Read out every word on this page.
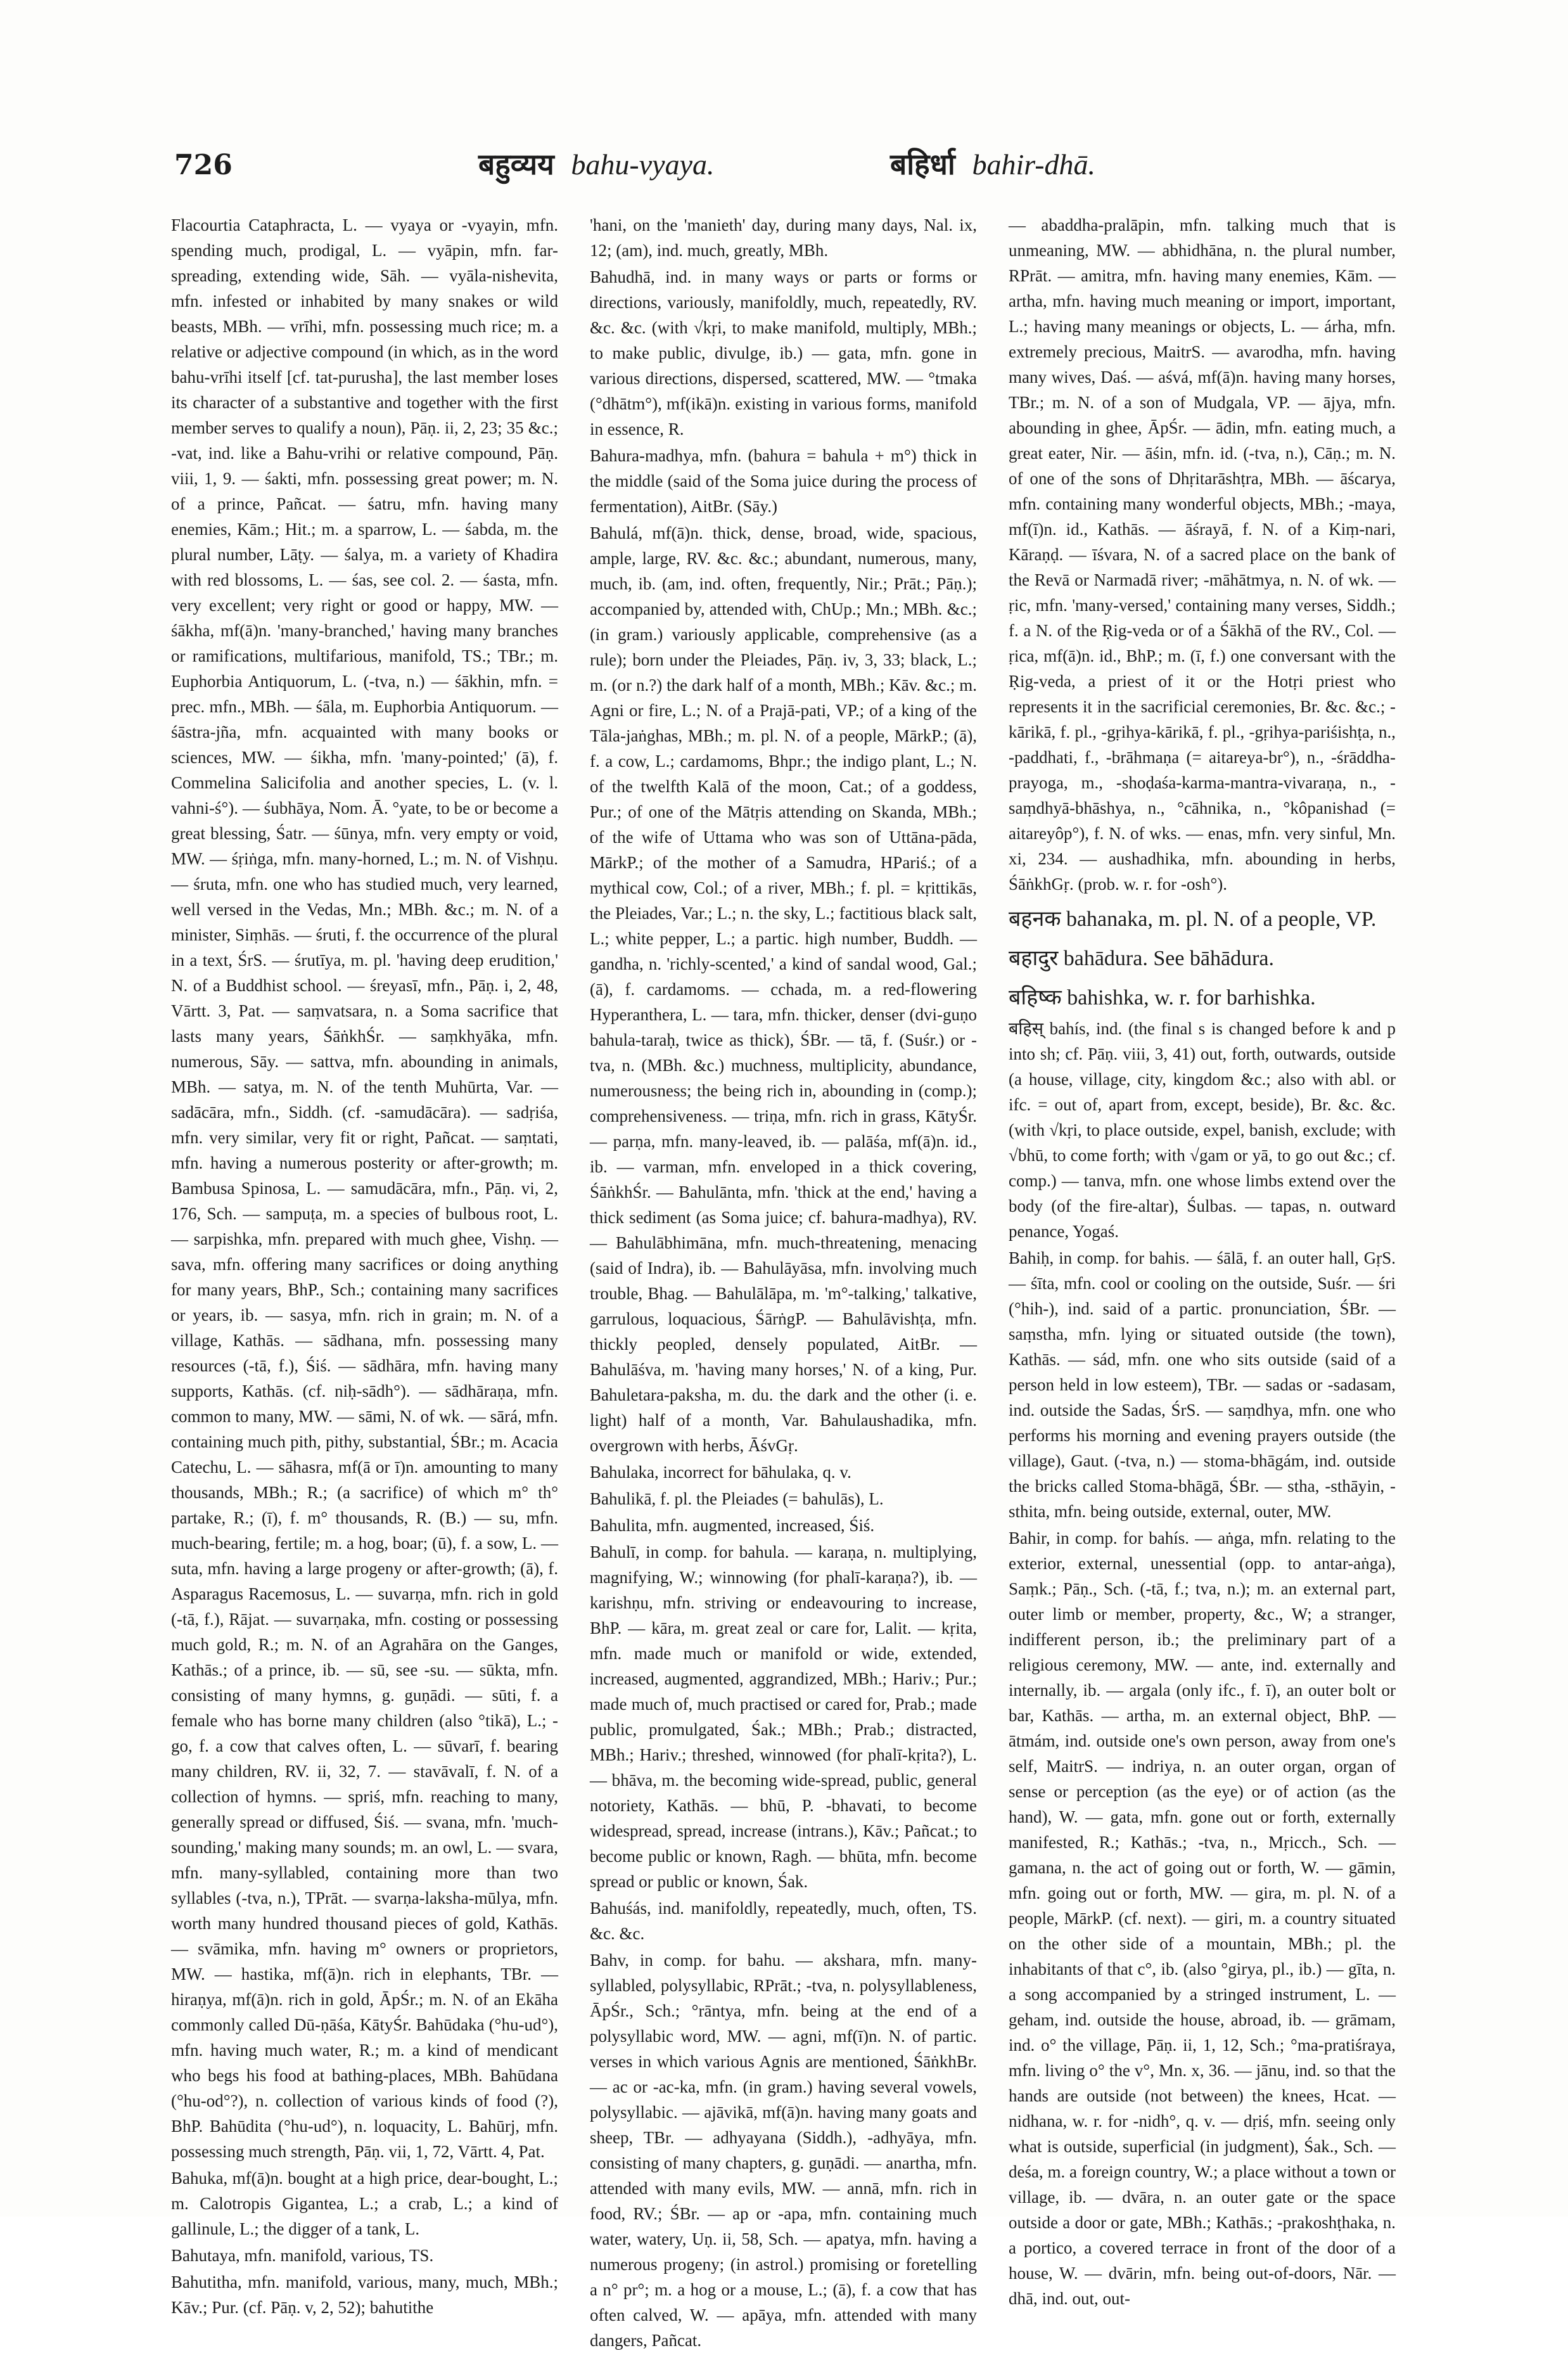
726	बहुव्यय bahu-vyaya.	बहिर्धा bahir-dhā.

Flacourtia Cataphracta, L. — vyaya or -vyayin, mfn. spending much, prodigal, L. — vyāpin, mfn. far-spreading, extending wide, Sāh. — vyāla-nishevita, mfn. infested or inhabited by many snakes or wild beasts, MBh. — vrīhi, mfn. possessing much rice; m. a relative or adjective compound (in which, as in the word bahu-vrīhi itself [cf. tat-purusha], the last member loses its character of a substantive and together with the first member serves to qualify a noun), Pāṇ. ii, 2, 23; 35 &c.; -vat, ind. like a Bahu-vrihi or relative compound, Pāṇ. viii, 1, 9. — śakti, mfn. possessing great power; m. N. of a prince, Pañcat. — śatru, mfn. having many enemies, Kām.; Hit.; m. a sparrow, L. — śabda, m. the plural number, Lāṭy. — śalya, m. a variety of Khadira with red blossoms, L. — śas, see col. 2. — śasta, mfn. very excellent; very right or good or happy, MW. — śākha, mf(ā)n. 'many-branched,' having many branches or ramifications, multifarious, manifold, TS.; TBr.; m. Euphorbia Antiquorum, L. (-tva, n.) — śākhin, mfn. = prec. mfn., MBh. — śāla, m. Euphorbia Antiquorum. — śāstra-jña, mfn. acquainted with many books or sciences, MW. — śikha, mfn. 'many-pointed;' (ā), f. Commelina Salicifolia and another species, L. (v. l. vahni-ś°). — śubhāya, Nom. Ā. °yate, to be or become a great blessing, Śatr. — śūnya, mfn. very empty or void, MW. — śṛiṅga, mfn. many-horned, L.; m. N. of Vishṇu. — śruta, mfn. one who has studied much, very learned, well versed in the Vedas, Mn.; MBh. &c.; m. N. of a minister, Siṃhās. — śruti, f. the occurrence of the plural in a text, ŚrS. — śrutīya, m. pl. 'having deep erudition,' N. of a Buddhist school. — śreyasī, mfn., Pāṇ. i, 2, 48, Vārtt. 3, Pat. — saṃvatsara, n. a Soma sacrifice that lasts many years, ŚāṅkhŚr. — saṃkhyāka, mfn. numerous, Sāy. — sattva, mfn. abounding in animals, MBh. — satya, m. N. of the tenth Muhūrta, Var. — sadācāra, mfn., Siddh. (cf. -samudācāra). — sadṛiśa, mfn. very similar, very fit or right, Pañcat. — saṃtati, mfn. having a numerous posterity or after-growth; m. Bambusa Spinosa, L. — samudācāra, mfn., Pāṇ. vi, 2, 176, Sch. — sampuṭa, m. a species of bulbous root, L. — sarpishka, mfn. prepared with much ghee, Vishṇ. — sava, mfn. offering many sacrifices or doing anything for many years, BhP., Sch.; containing many sacrifices or years, ib. — sasya, mfn. rich in grain; m. N. of a village, Kathās. — sādhana, mfn. possessing many resources (-tā, f.), Śiś. — sādhāra, mfn. having many supports, Kathās. (cf. niḥ-sādh°). — sādhāraṇa, mfn. common to many, MW. — sāmi, N. of wk. — sārá, mfn. containing much pith, pithy, substantial, ŚBr.; m. Acacia Catechu, L. — sāhasra, mf(ā or ī)n. amounting to many thousands, MBh.; R.; (a sacrifice) of which m° th° partake, R.; (ī), f. m° thousands, R. (B.) — su, mfn. much-bearing, fertile; m. a hog, boar; (ū), f. a sow, L. — suta, mfn. having a large progeny or after-growth; (ā), f. Asparagus Racemosus, L. — suvarṇa, mfn. rich in gold (-tā, f.), Rājat. — suvarṇaka, mfn. costing or possessing much gold, R.; m. N. of an Agrahāra on the Ganges, Kathās.; of a prince, ib. — sū, see -su. — sūkta, mfn. consisting of many hymns, g. guṇādi. — sūti, f. a female who has borne many children (also °tikā), L.; -go, f. a cow that calves often, L. — sūvarī, f. bearing many children, RV. ii, 32, 7. — stavāvalī, f. N. of a collection of hymns. — spriś, mfn. reaching to many, generally spread or diffused, Śiś. — svana, mfn. 'much-sounding,' making many sounds; m. an owl, L. — svara, mfn. many-syllabled, containing more than two syllables (-tva, n.), TPrāt. — svarṇa-laksha-mūlya, mfn. worth many hundred thousand pieces of gold, Kathās. — svāmika, mfn. having m° owners or proprietors, MW. — hastika, mf(ā)n. rich in elephants, TBr. — hiraṇya, mf(ā)n. rich in gold, ĀpŚr.; m. N. of an Ekāha commonly called Dū-ṇāśa, KātyŚr. Bahūdaka (°hu-ud°), mfn. having much water, R.; m. a kind of mendicant who begs his food at bathing-places, MBh. Bahūdana (°hu-od°?), n. collection of various kinds of food (?), BhP. Bahūdita (°hu-ud°), n. loquacity, L. Bahūrj, mfn. possessing much strength, Pāṇ. vii, 1, 72, Vārtt. 4, Pat.

Bahuka, mf(ā)n. bought at a high price, dear-bought, L.; m. Calotropis Gigantea, L.; a crab, L.; a kind of gallinule, L.; the digger of a tank, L.

Bahutaya, mfn. manifold, various, TS.

Bahutitha, mfn. manifold, various, many, much, MBh.; Kāv.; Pur. (cf. Pāṇ. v, 2, 52); bahutithe

'hani, on the 'manieth' day, during many days, Nal. ix, 12; (am), ind. much, greatly, MBh.

Bahudhā, ind. in many ways or parts or forms or directions, variously, manifoldly, much, repeatedly, RV. &c. &c. (with √kṛi, to make manifold, multiply, MBh.; to make public, divulge, ib.) — gata, mfn. gone in various directions, dispersed, scattered, MW. — °tmaka (°dhātm°), mf(ikā)n. existing in various forms, manifold in essence, R.

Bahura-madhya, mfn. (bahura = bahula + m°) thick in the middle (said of the Soma juice during the process of fermentation), AitBr. (Sāy.)

Bahulá, mf(ā)n. thick, dense, broad, wide, spacious, ample, large, RV. &c. &c.; abundant, numerous, many, much, ib. (am, ind. often, frequently, Nir.; Prāt.; Pāṇ.); accompanied by, attended with, ChUp.; Mn.; MBh. &c.; (in gram.) variously applicable, comprehensive (as a rule); born under the Pleiades, Pāṇ. iv, 3, 33; black, L.; m. (or n.?) the dark half of a month, MBh.; Kāv. &c.; m. Agni or fire, L.; N. of a Prajā-pati, VP.; of a king of the Tāla-jaṅghas, MBh.; m. pl. N. of a people, MārkP.; (ā), f. a cow, L.; cardamoms, Bhpr.; the indigo plant, L.; N. of the twelfth Kalā of the moon, Cat.; of a goddess, Pur.; of one of the Mātṛis attending on Skanda, MBh.; of the wife of Uttama who was son of Uttāna-pāda, MārkP.; of the mother of a Samudra, HPariś.; of a mythical cow, Col.; of a river, MBh.; f. pl. = kṛittikās, the Pleiades, Var.; L.; n. the sky, L.; factitious black salt, L.; white pepper, L.; a partic. high number, Buddh. — gandha, n. 'richly-scented,' a kind of sandal wood, Gal.; (ā), f. cardamoms. — cchada, m. a red-flowering Hyperanthera, L. — tara, mfn. thicker, denser (dvi-guṇo bahula-taraḥ, twice as thick), ŚBr. — tā, f. (Suśr.) or -tva, n. (MBh. &c.) muchness, multiplicity, abundance, numerousness; the being rich in, abounding in (comp.); comprehensiveness. — triṇa, mfn. rich in grass, KātyŚr. — parṇa, mfn. many-leaved, ib. — palāśa, mf(ā)n. id., ib. — varman, mfn. enveloped in a thick covering, ŚāṅkhŚr. — Bahulānta, mfn. 'thick at the end,' having a thick sediment (as Soma juice; cf. bahura-madhya), RV. — Bahulābhimāna, mfn. much-threatening, menacing (said of Indra), ib. — Bahulāyāsa, mfn. involving much trouble, Bhag. — Bahulālāpa, m. 'm°-talking,' talkative, garrulous, loquacious, ŚārṅgP. — Bahulāvishṭa, mfn. thickly peopled, densely populated, AitBr. — Bahulāśva, m. 'having many horses,' N. of a king, Pur. Bahuletara-paksha, m. du. the dark and the other (i. e. light) half of a month, Var. Bahulaushadika, mfn. overgrown with herbs, ĀśvGṛ.

Bahulaka, incorrect for bāhulaka, q. v.

Bahulikā, f. pl. the Pleiades (= bahulās), L.

Bahulita, mfn. augmented, increased, Śiś.

Bahulī, in comp. for bahula. — karaṇa, n. multiplying, magnifying, W.; winnowing (for phalī-karaṇa?), ib. — karishṇu, mfn. striving or endeavouring to increase, BhP. — kāra, m. great zeal or care for, Lalit. — kṛita, mfn. made much or manifold or wide, extended, increased, augmented, aggrandized, MBh.; Hariv.; Pur.; made much of, much practised or cared for, Prab.; made public, promulgated, Śak.; MBh.; Prab.; distracted, MBh.; Hariv.; threshed, winnowed (for phalī-kṛita?), L. — bhāva, m. the becoming wide-spread, public, general notoriety, Kathās. — bhū, P. -bhavati, to become widespread, spread, increase (intrans.), Kāv.; Pañcat.; to become public or known, Ragh. — bhūta, mfn. become spread or public or known, Śak.

Bahuśás, ind. manifoldly, repeatedly, much, often, TS. &c. &c.

Bahv, in comp. for bahu. — akshara, mfn. many-syllabled, polysyllabic, RPrāt.; -tva, n. polysyllableness, ĀpŚr., Sch.; °rāntya, mfn. being at the end of a polysyllabic word, MW. — agni, mf(ī)n. N. of partic. verses in which various Agnis are mentioned, ŚāṅkhBr. — ac or -ac-ka, mfn. (in gram.) having several vowels, polysyllabic. — ajāvikā, mf(ā)n. having many goats and sheep, TBr. — adhyayana (Siddh.), -adhyāya, mfn. consisting of many chapters, g. guṇādi. — anartha, mfn. attended with many evils, MW. — annā, mfn. rich in food, RV.; ŚBr. — ap or -apa, mfn. containing much water, watery, Uṇ. ii, 58, Sch. — apatya, mfn. having a numerous progeny; (in astrol.) promising or foretelling a n° pr°; m. a hog or a mouse, L.; (ā), f. a cow that has often calved, W. — apāya, mfn. attended with many dangers, Pañcat.

— abaddha-pralāpin, mfn. talking much that is unmeaning, MW. — abhidhāna, n. the plural number, RPrāt. — amitra, mfn. having many enemies, Kām. — artha, mfn. having much meaning or import, important, L.; having many meanings or objects, L. — árha, mfn. extremely precious, MaitrS. — avarodha, mfn. having many wives, Daś. — aśvá, mf(ā)n. having many horses, TBr.; m. N. of a son of Mudgala, VP. — ājya, mfn. abounding in ghee, ĀpŚr. — ādin, mfn. eating much, a great eater, Nir. — āśin, mfn. id. (-tva, n.), Cāṇ.; m. N. of one of the sons of Dhṛitarāshṭra, MBh. — āścarya, mfn. containing many wonderful objects, MBh.; -maya, mf(ī)n. id., Kathās. — āśrayā, f. N. of a Kiṃ-nari, Kāraṇḍ. — īśvara, N. of a sacred place on the bank of the Revā or Narmadā river; -māhātmya, n. N. of wk. — ṛic, mfn. 'many-versed,' containing many verses, Siddh.; f. a N. of the Ṛig-veda or of a Śākhā of the RV., Col. — ṛica, mf(ā)n. id., BhP.; m. (ī, f.) one conversant with the Ṛig-veda, a priest of it or the Hotṛi priest who represents it in the sacrificial ceremonies, Br. &c. &c.; -kārikā, f. pl., -gṛihya-kārikā, f. pl., -gṛihya-pariśishṭa, n., -paddhati, f., -brāhmaṇa (= aitareya-br°), n., -śrāddha-prayoga, m., -shoḍaśa-karma-mantra-vivaraṇa, n., -saṃdhyā-bhāshya, n., °cāhnika, n., °kôpanishad (= aitareyôp°), f. N. of wks. — enas, mfn. very sinful, Mn. xi, 234. — aushadhika, mfn. abounding in herbs, ŚāṅkhGṛ. (prob. w. r. for -osh°).

बहनक bahanaka, m. pl. N. of a people, VP.

बहादुर bahādura. See bāhādura.

बहिष्क bahishka, w. r. for barhishka.

बहिस् bahís, ind. (the final s is changed before k and p into sh; cf. Pāṇ. viii, 3, 41) out, forth, outwards, outside (a house, village, city, kingdom &c.; also with abl. or ifc. = out of, apart from, except, beside), Br. &c. &c. (with √kṛi, to place outside, expel, banish, exclude; with √bhū, to come forth; with √gam or yā, to go out &c.; cf. comp.) — tanva, mfn. one whose limbs extend over the body (of the fire-altar), Śulbas. — tapas, n. outward penance, Yogaś.

Bahiḥ, in comp. for bahis. — śālā, f. an outer hall, GṛS. — śīta, mfn. cool or cooling on the outside, Suśr. — śri (°hih-), ind. said of a partic. pronunciation, ŚBr. — saṃstha, mfn. lying or situated outside (the town), Kathās. — sád, mfn. one who sits outside (said of a person held in low esteem), TBr. — sadas or -sadasam, ind. outside the Sadas, ŚrS. — saṃdhya, mfn. one who performs his morning and evening prayers outside (the village), Gaut. (-tva, n.) — stoma-bhāgám, ind. outside the bricks called Stoma-bhāgā, ŚBr. — stha, -sthāyin, -sthita, mfn. being outside, external, outer, MW.

Bahir, in comp. for bahís. — aṅga, mfn. relating to the exterior, external, unessential (opp. to antar-aṅga), Saṃk.; Pāṇ., Sch. (-tā, f.; tva, n.); m. an external part, outer limb or member, property, &c., W; a stranger, indifferent person, ib.; the preliminary part of a religious ceremony, MW. — ante, ind. externally and internally, ib. — argala (only ifc., f. ī), an outer bolt or bar, Kathās. — artha, m. an external object, BhP. — ātmám, ind. outside one's own person, away from one's self, MaitrS. — indriya, n. an outer organ, organ of sense or perception (as the eye) or of action (as the hand), W. — gata, mfn. gone out or forth, externally manifested, R.; Kathās.; -tva, n., Mṛicch., Sch. — gamana, n. the act of going out or forth, W. — gāmin, mfn. going out or forth, MW. — gira, m. pl. N. of a people, MārkP. (cf. next). — giri, m. a country situated on the other side of a mountain, MBh.; pl. the inhabitants of that c°, ib. (also °girya, pl., ib.) — gīta, n. a song accompanied by a stringed instrument, L. — geham, ind. outside the house, abroad, ib. — grāmam, ind. o° the village, Pāṇ. ii, 1, 12, Sch.; °ma-pratiśraya, mfn. living o° the v°, Mn. x, 36. — jānu, ind. so that the hands are outside (not between) the knees, Hcat. — nidhana, w. r. for -nidh°, q. v. — dṛiś, mfn. seeing only what is outside, superficial (in judgment), Śak., Sch. — deśa, m. a foreign country, W.; a place without a town or village, ib. — dvāra, n. an outer gate or the space outside a door or gate, MBh.; Kathās.; -prakoshṭhaka, n. a portico, a covered terrace in front of the door of a house, W. — dvārin, mfn. being out-of-doors, Nār. — dhā, ind. out, out-
